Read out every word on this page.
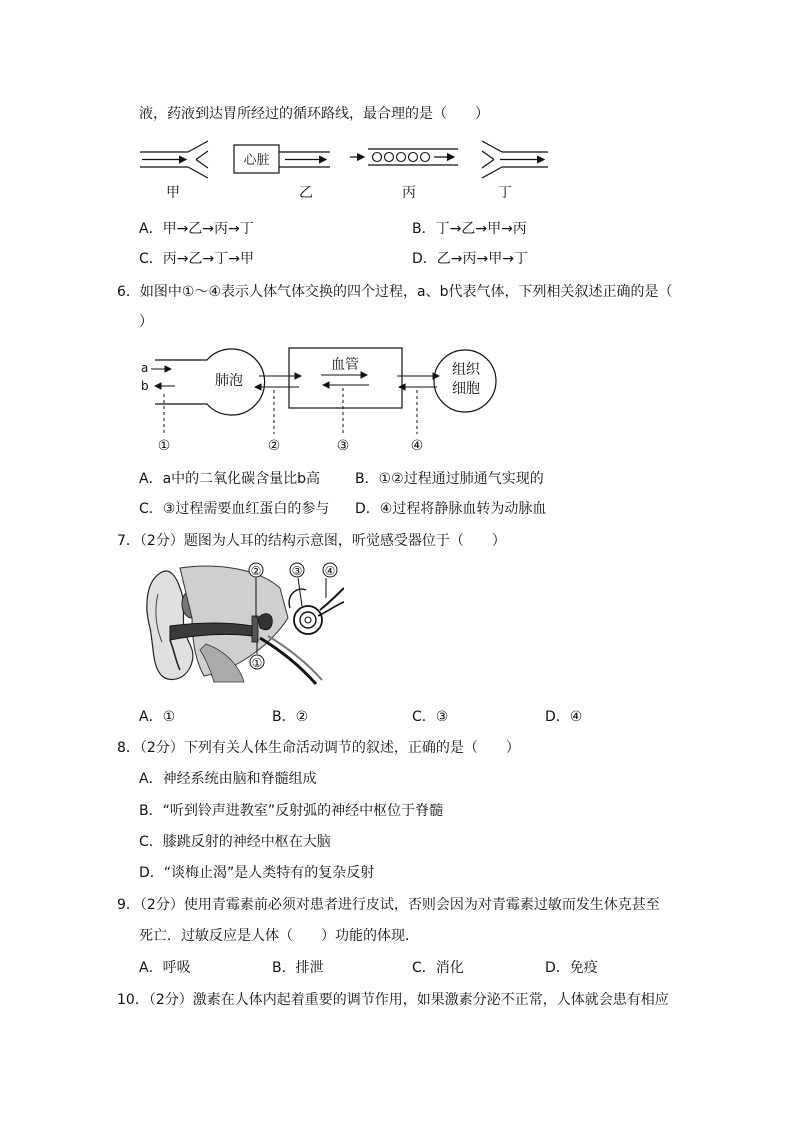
液，药液到达胃所经过的循环路线，最合理的是（　　）
心脏
甲	乙	丙	丁
A．甲→乙→丙→丁	B．丁→乙→甲→丙
C．丙→乙→丁→甲	D．乙→丙→甲→丁
6．如图中①～④表示人体气体交换的四个过程，a、b代表气体，下列相关叙述正确的是（
）
肺泡
a
b
血管	组织
细胞
①	②	③	④
A．a中的二氧化碳含量比b高 B．①②过程通过肺通气实现的
C．③过程需要血红蛋白的参与 D．④过程将静脉血转为动脉血
7．（2分）题图为人耳的结构示意图，听觉感受器位于（　　）
②	③ ④
①
A．①	B．②	C．③	D．④
8．（2分）下列有关人体生命活动调节的叙述，正确的是（　　）
A．神经系统由脑和脊髓组成
B．“听到铃声进教室”反射弧的神经中枢位于脊髓
C．膝跳反射的神经中枢在大脑
D．“谈梅止渴”是人类特有的复杂反射
9．（2分）使用青霉素前必须对患者进行皮试，否则会因为对青霉素过敏而发生休克甚至
死亡．过敏反应是人体（　　）功能的体现．
A．呼吸	B．排泄	C．消化	D．免疫
10．（2分）激素在人体内起着重要的调节作用，如果激素分泌不正常，人体就会患有相应
